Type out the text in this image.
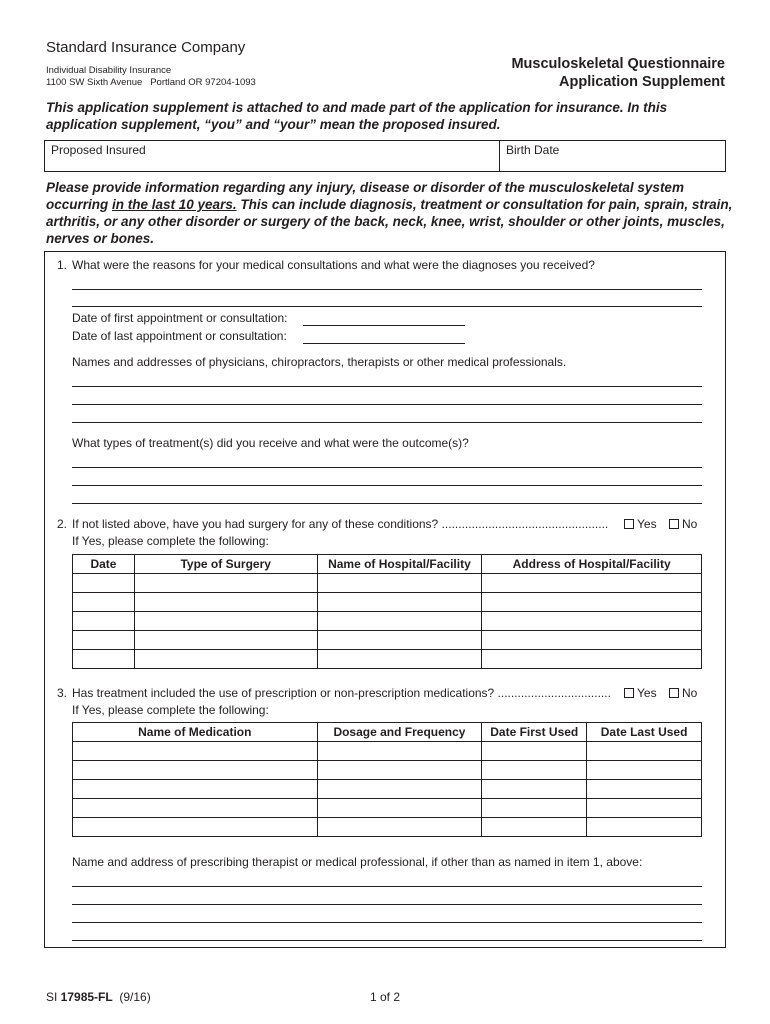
Standard Insurance Company
Individual Disability Insurance
1100 SW Sixth Avenue   Portland OR 97204-1093
Musculoskeletal Questionnaire
Application Supplement
This application supplement is attached to and made part of the application for insurance. In this application supplement, “you” and “your” mean the proposed insured.
Proposed Insured	Birth Date
Please provide information regarding any injury, disease or disorder of the musculoskeletal system occurring in the last 10 years. This can include diagnosis, treatment or consultation for pain, sprain, strain, arthritis, or any other disorder or surgery of the back, neck, knee, wrist, shoulder or other joints, muscles, nerves or bones.
1. What were the reasons for your medical consultations and what were the diagnoses you received?
Date of first appointment or consultation:
Date of last appointment or consultation:
Names and addresses of physicians, chiropractors, therapists or other medical professionals.
What types of treatment(s) did you receive and what were the outcome(s)?
2. If not listed above, have you had surgery for any of these conditions? ..................................................	Yes	No
If Yes, please complete the following:
Date	Type of Surgery	Name of Hospital/Facility	Address of Hospital/Facility

3. Has treatment included the use of prescription or non-prescription medications? ..................................	Yes	No
If Yes, please complete the following:
Name of Medication	Dosage and Frequency	Date First Used	Date Last Used

Name and address of prescribing therapist or medical professional, if other than as named in item 1, above:
SI 17985-FL  (9/16)	1 of 2
